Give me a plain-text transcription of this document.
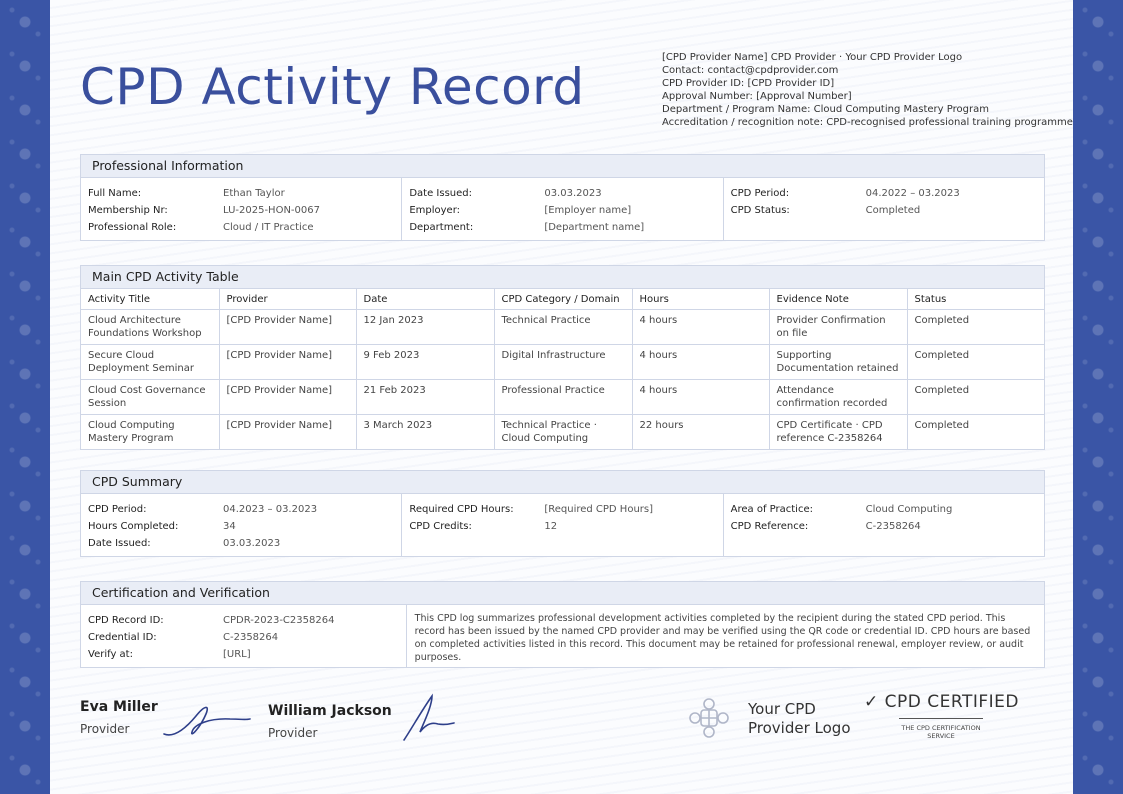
CPD Activity Record
[CPD Provider Name] CPD Provider · Your CPD Provider Logo
Contact: contact@cpdprovider.com
CPD Provider ID: [CPD Provider ID]
Approval Number: [Approval Number]
Department / Program Name: Cloud Computing Mastery Program
Accreditation / recognition note: CPD-recognised professional training programme
Professional Information
Full Name:	Ethan Taylor
Membership Nr:	LU-2025-HON-0067
Professional Role:	Cloud / IT Practice
Date Issued:	03.03.2023
Employer:	[Employer name]
Department:	[Department name]
CPD Period:	04.2022 – 03.2023
CPD Status:	Completed
Main CPD Activity Table
Activity Title	Provider	Date	CPD Category / Domain	Hours	Evidence Note	Status
Cloud Architecture Foundations Workshop	[CPD Provider Name]	12 Jan 2023	Technical Practice	4 hours	Provider Confirmation on file	Completed
Secure Cloud Deployment Seminar	[CPD Provider Name]	9 Feb 2023	Digital Infrastructure	4 hours	Supporting Documentation retained	Completed
Cloud Cost Governance Session	[CPD Provider Name]	21 Feb 2023	Professional Practice	4 hours	Attendance confirmation recorded	Completed
Cloud Computing Mastery Program	[CPD Provider Name]	3 March 2023	Technical Practice · Cloud Computing	22 hours	CPD Certificate · CPD reference C-2358264	Completed
CPD Summary
CPD Period:	04.2023 – 03.2023
Hours Completed:	34
Date Issued:	03.03.2023
Required CPD Hours:	[Required CPD Hours]
CPD Credits:	12
Area of Practice:	Cloud Computing
CPD Reference:	C-2358264
Certification and Verification
CPD Record ID:	CPDR-2023-C2358264
Credential ID:	C-2358264
Verify at:	[URL]
This CPD log summarizes professional development activities completed by the recipient during the stated CPD period. This record has been issued by the named CPD provider and may be verified using the QR code or credential ID. CPD hours are based on completed activities listed in this record. This document may be retained for professional renewal, employer review, or audit purposes.
Eva Miller
Provider
William Jackson
Provider
Your CPD
Provider Logo
✓ CPD CERTIFIED
THE CPD CERTIFICATION
SERVICE
